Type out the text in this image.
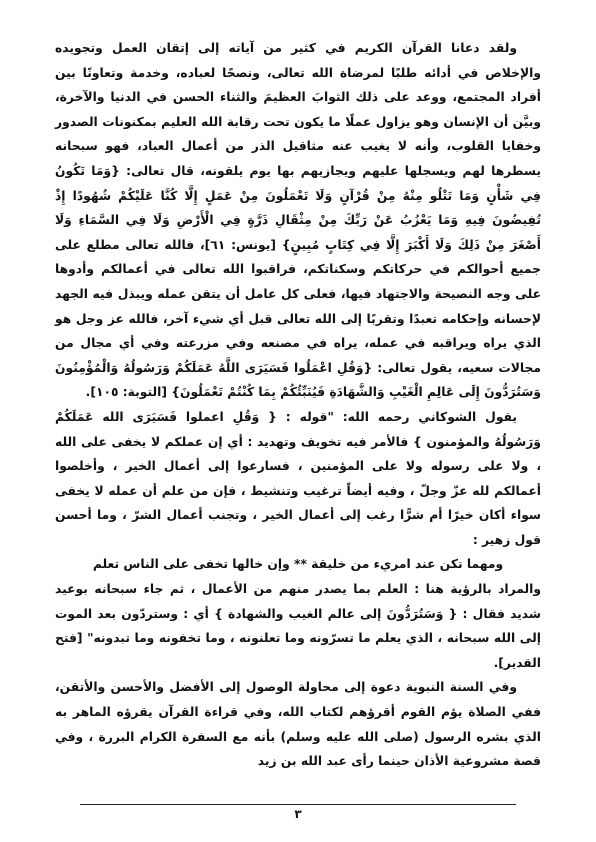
ولقد دعانا القرآن الكريم في كثير من آياته إلى إتقان العمل وتجويده والإخلاص في أدائه طلبًا لمرضاة الله تعالى، ونصحًا لعباده، وخدمة وتعاونًا بين أفراد المجتمع، ووعد على ذلك الثوابَ العظيمَ والثناء الحسن في الدنيا والآخرة، وبيَّن أن الإنسان وهو يزاول عملًا ما يكون تحت رقابة الله العليم بمكنونات الصدور وخفايا القلوب، وأنه لا يغيب عنه مثاقيل الذر من أعمال العباد، فهو سبحانه يسطرها لهم ويسجلها عليهم ويجازيهم بها يوم يلقونه، قال تعالى: {وَمَا تَكُونُ فِي شَأْنٍ وَمَا تَتْلُو مِنْهُ مِنْ قُرْآنٍ وَلَا تَعْمَلُونَ مِنْ عَمَلٍ إِلَّا كُنَّا عَلَيْكُمْ شُهُودًا إِذْ تُفِيضُونَ فِيهِ وَمَا يَعْزُبُ عَنْ رَبِّكَ مِنْ مِثْقَالِ ذَرَّةٍ فِي الْأَرْضِ وَلَا فِي السَّمَاءِ وَلَا أَصْغَرَ مِنْ ذَلِكَ وَلَا أَكْبَرَ إِلَّا فِي كِتَابٍ مُبِينٍ} [يونس: ٦١]، فالله تعالى مطلع على جميع أحوالكم في حركاتكم وسكناتكم، فراقبوا الله تعالى في أعمالكم وأدوها على وجه النصيحة والاجتهاد فيها، فعلى كل عامل أن يتقن عمله ويبذل فيه الجهد لإحسانه وإحكامه تعبدًا وتقربًا إلى الله تعالى قبل أي شيء آخر، فالله عز وجل هو الذي يراه ويراقبه في عمله، يراه في مصنعه وفي مزرعته وفي أي مجال من مجالات سعيه، يقول تعالى: {وَقُلِ اعْمَلُوا فَسَيَرَى اللَّهُ عَمَلَكُمْ وَرَسُولُهُ وَالْمُؤْمِنُونَ وَسَتُرَدُّونَ إِلَى عَالِمِ الْغَيْبِ وَالشَّهَادَةِ فَيُنَبِّئُكُمْ بِمَا كُنْتُمْ تَعْمَلُونَ} [التوبة: ١٠٥].

يقول الشوكاني رحمه الله: "قوله : { وَقُلِ اعملوا فَسَيَرَى الله عَمَلَكُمْ وَرَسُولُهُ والمؤمنون } فالأمر فيه تخويف وتهديد : أي إن عملكم لا يخفى على الله ، ولا على رسوله ولا على المؤمنين ، فسارعوا إلى أعمال الخير ، وأخلصوا أعمالكم لله عزّ وجلّ ، وفيه أيضاً ترغيب وتنشيط ، فإن من علم أن عمله لا يخفى سواء أكان خيرًا أم شرًّا رغب إلى أعمال الخير ، وتجنب أعمال الشرّ ، وما أحسن قول زهير :

ومهما تكن عند امريء من خليقة ** وإن خالها تخفى على الناس تعلم

والمراد بالرؤية هنا : العلم بما يصدر منهم من الأعمال ، ثم جاء سبحانه بوعيد شديد فقال : { وَسَتُرَدُّونَ إلى عالم الغيب والشهادة } أي : وستردّون بعد الموت إلى الله سبحانه ، الذي يعلم ما تسرّونه وما تعلنونه ، وما تخفونه وما تبدونه" [فتح القدير].

وفي السنة النبوية دعوة إلى محاولة الوصول إلى الأفضل والأحسن والأتقن، ففي الصلاة يؤم القوم أقرؤهم لكتاب الله، وفي قراءة القرآن يقرؤه الماهر به الذي بشره الرسول (صلى الله عليه وسلم) بأنه مع السفرة الكرام البررة ، وفي قصة مشروعية الأذان حينما رأى عبد الله بن زيد

٣
